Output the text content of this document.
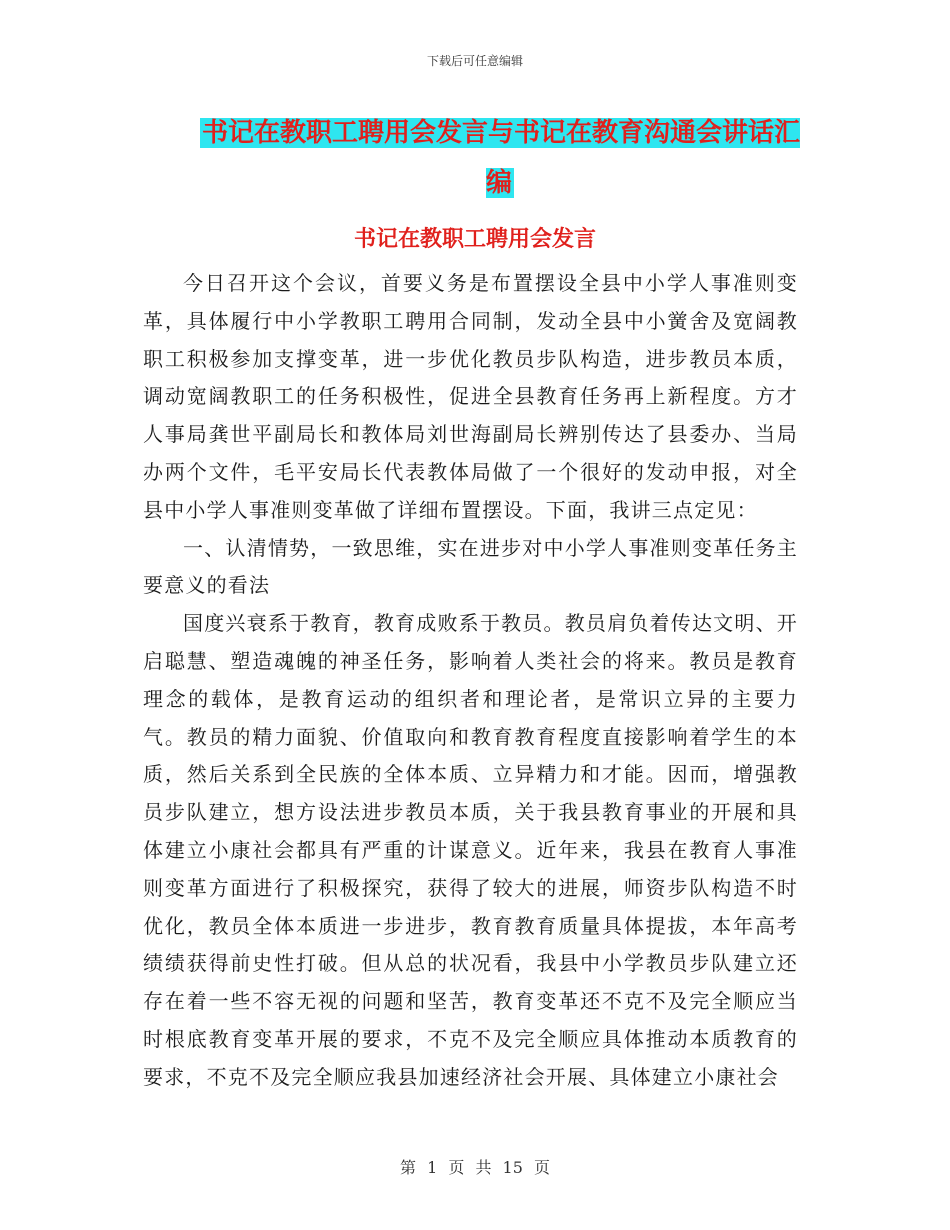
下载后可任意编辑
书记在教职工聘用会发言与书记在教育沟通会讲话汇编
书记在教职工聘用会发言

今日召开这个会议，首要义务是布置摆设全县中小学人事准则变革，具体履行中小学教职工聘用合同制，发动全县中小黉舍及宽阔教职工积极参加支撑变革，进一步优化教员步队构造，进步教员本质，调动宽阔教职工的任务积极性，促进全县教育任务再上新程度。方才人事局龚世平副局长和教体局刘世海副局长辨别传达了县委办、当局办两个文件，毛平安局长代表教体局做了一个很好的发动申报，对全县中小学人事准则变革做了详细布置摆设。下面，我讲三点定见：

一、认清情势，一致思维，实在进步对中小学人事准则变革任务主要意义的看法

国度兴衰系于教育，教育成败系于教员。教员肩负着传达文明、开启聪慧、塑造魂魄的神圣任务，影响着人类社会的将来。教员是教育理念的载体，是教育运动的组织者和理论者，是常识立异的主要力气。教员的精力面貌、价值取向和教育教育程度直接影响着学生的本质，然后关系到全民族的全体本质、立异精力和才能。因而，增强教员步队建立，想方设法进步教员本质，关于我县教育事业的开展和具体建立小康社会都具有严重的计谋意义。近年来，我县在教育人事准则变革方面进行了积极探究，获得了较大的进展，师资步队构造不时优化，教员全体本质进一步进步，教育教育质量具体提拔，本年高考绩绩获得前史性打破。但从总的状况看，我县中小学教员步队建立还存在着一些不容无视的问题和坚苦，教育变革还不克不及完全顺应当时根底教育变革开展的要求，不克不及完全顺应具体推动本质教育的要求，不克不及完全顺应我县加速经济社会开展、具体建立小康社会

第 1 页 共 15 页
